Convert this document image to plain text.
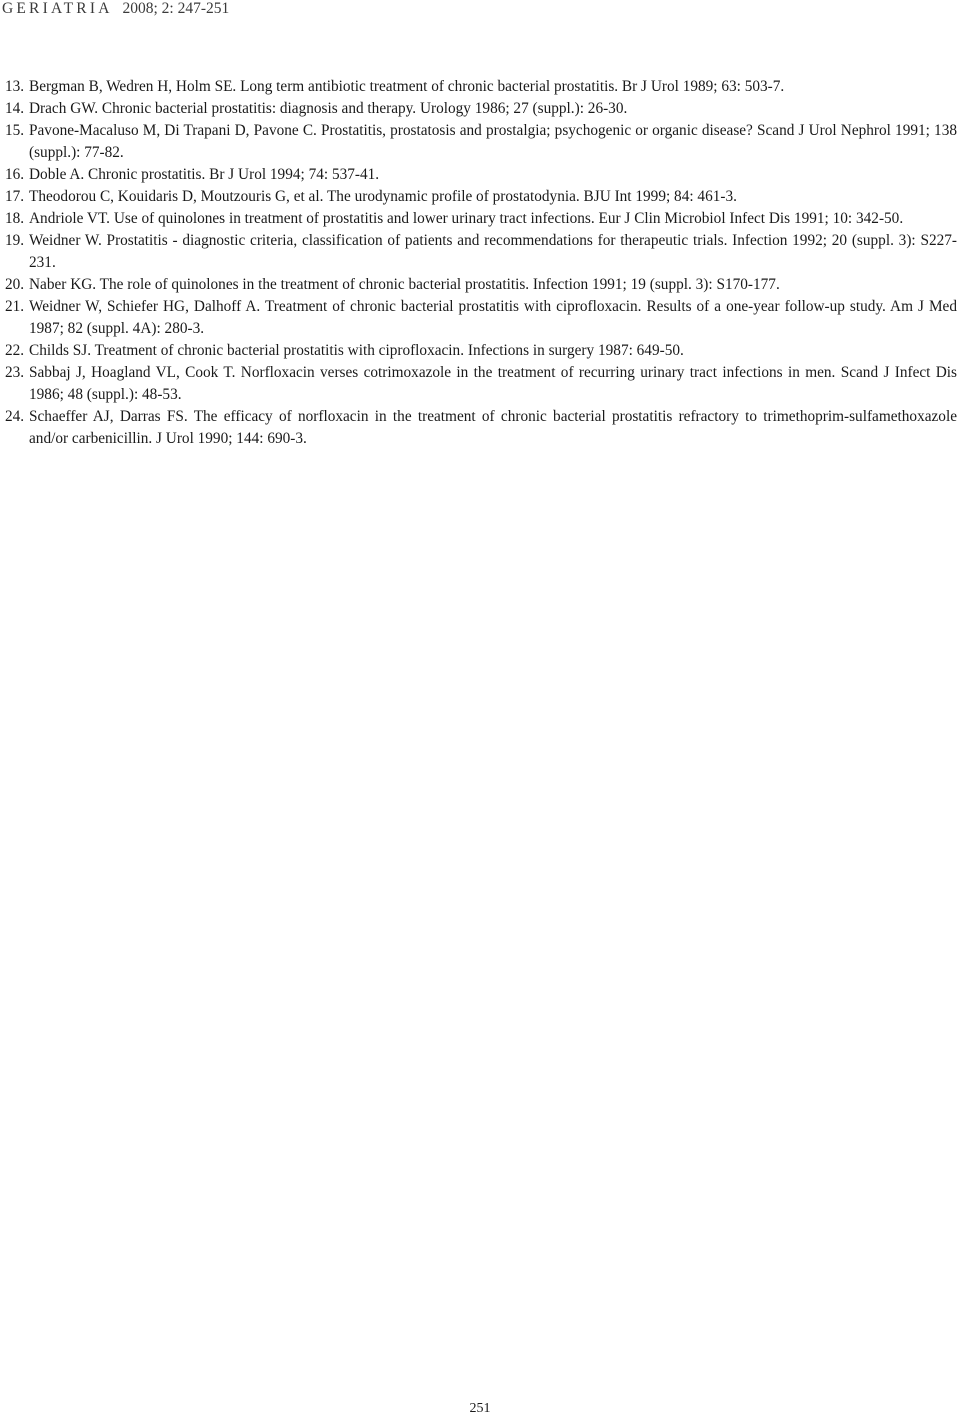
GERIATRIA 2008; 2: 247-251
13. Bergman B, Wedren H, Holm SE. Long term antibiotic treatment of chronic bacterial prostatitis. Br J Urol 1989; 63: 503-7.
14. Drach GW. Chronic bacterial prostatitis: diagnosis and therapy. Urology 1986; 27 (suppl.): 26-30.
15. Pavone-Macaluso M, Di Trapani D, Pavone C. Prostatitis, prostatosis and prostalgia; psychogenic or organic disease? Scand J Urol Nephrol 1991; 138 (suppl.): 77-82.
16. Doble A. Chronic prostatitis. Br J Urol 1994; 74: 537-41.
17. Theodorou C, Kouidaris D, Moutzouris G, et al. The urodynamic profile of prostatodynia. BJU Int 1999; 84: 461-3.
18. Andriole VT. Use of quinolones in treatment of prostatitis and lower urinary tract infections. Eur J Clin Microbiol Infect Dis 1991; 10: 342-50.
19. Weidner W. Prostatitis - diagnostic criteria, classification of patients and recommendations for therapeutic trials. Infection 1992; 20 (suppl. 3): S227-231.
20. Naber KG. The role of quinolones in the treatment of chronic bacterial prostatitis. Infection 1991; 19 (suppl. 3): S170-177.
21. Weidner W, Schiefer HG, Dalhoff A. Treatment of chronic bacterial prostatitis with ciprofloxacin. Results of a one-year follow-up study. Am J Med 1987; 82 (suppl. 4A): 280-3.
22. Childs SJ. Treatment of chronic bacterial prostatitis with ciprofloxacin. Infections in surgery 1987: 649-50.
23. Sabbaj J, Hoagland VL, Cook T. Norfloxacin verses cotrimoxazole in the treatment of recurring urinary tract infections in men. Scand J Infect Dis 1986; 48 (suppl.): 48-53.
24. Schaeffer AJ, Darras FS. The efficacy of norfloxacin in the treatment of chronic bacterial prostatitis refractory to trimethoprim-sulfamethoxazole and/or carbenicillin. J Urol 1990; 144: 690-3.
251
